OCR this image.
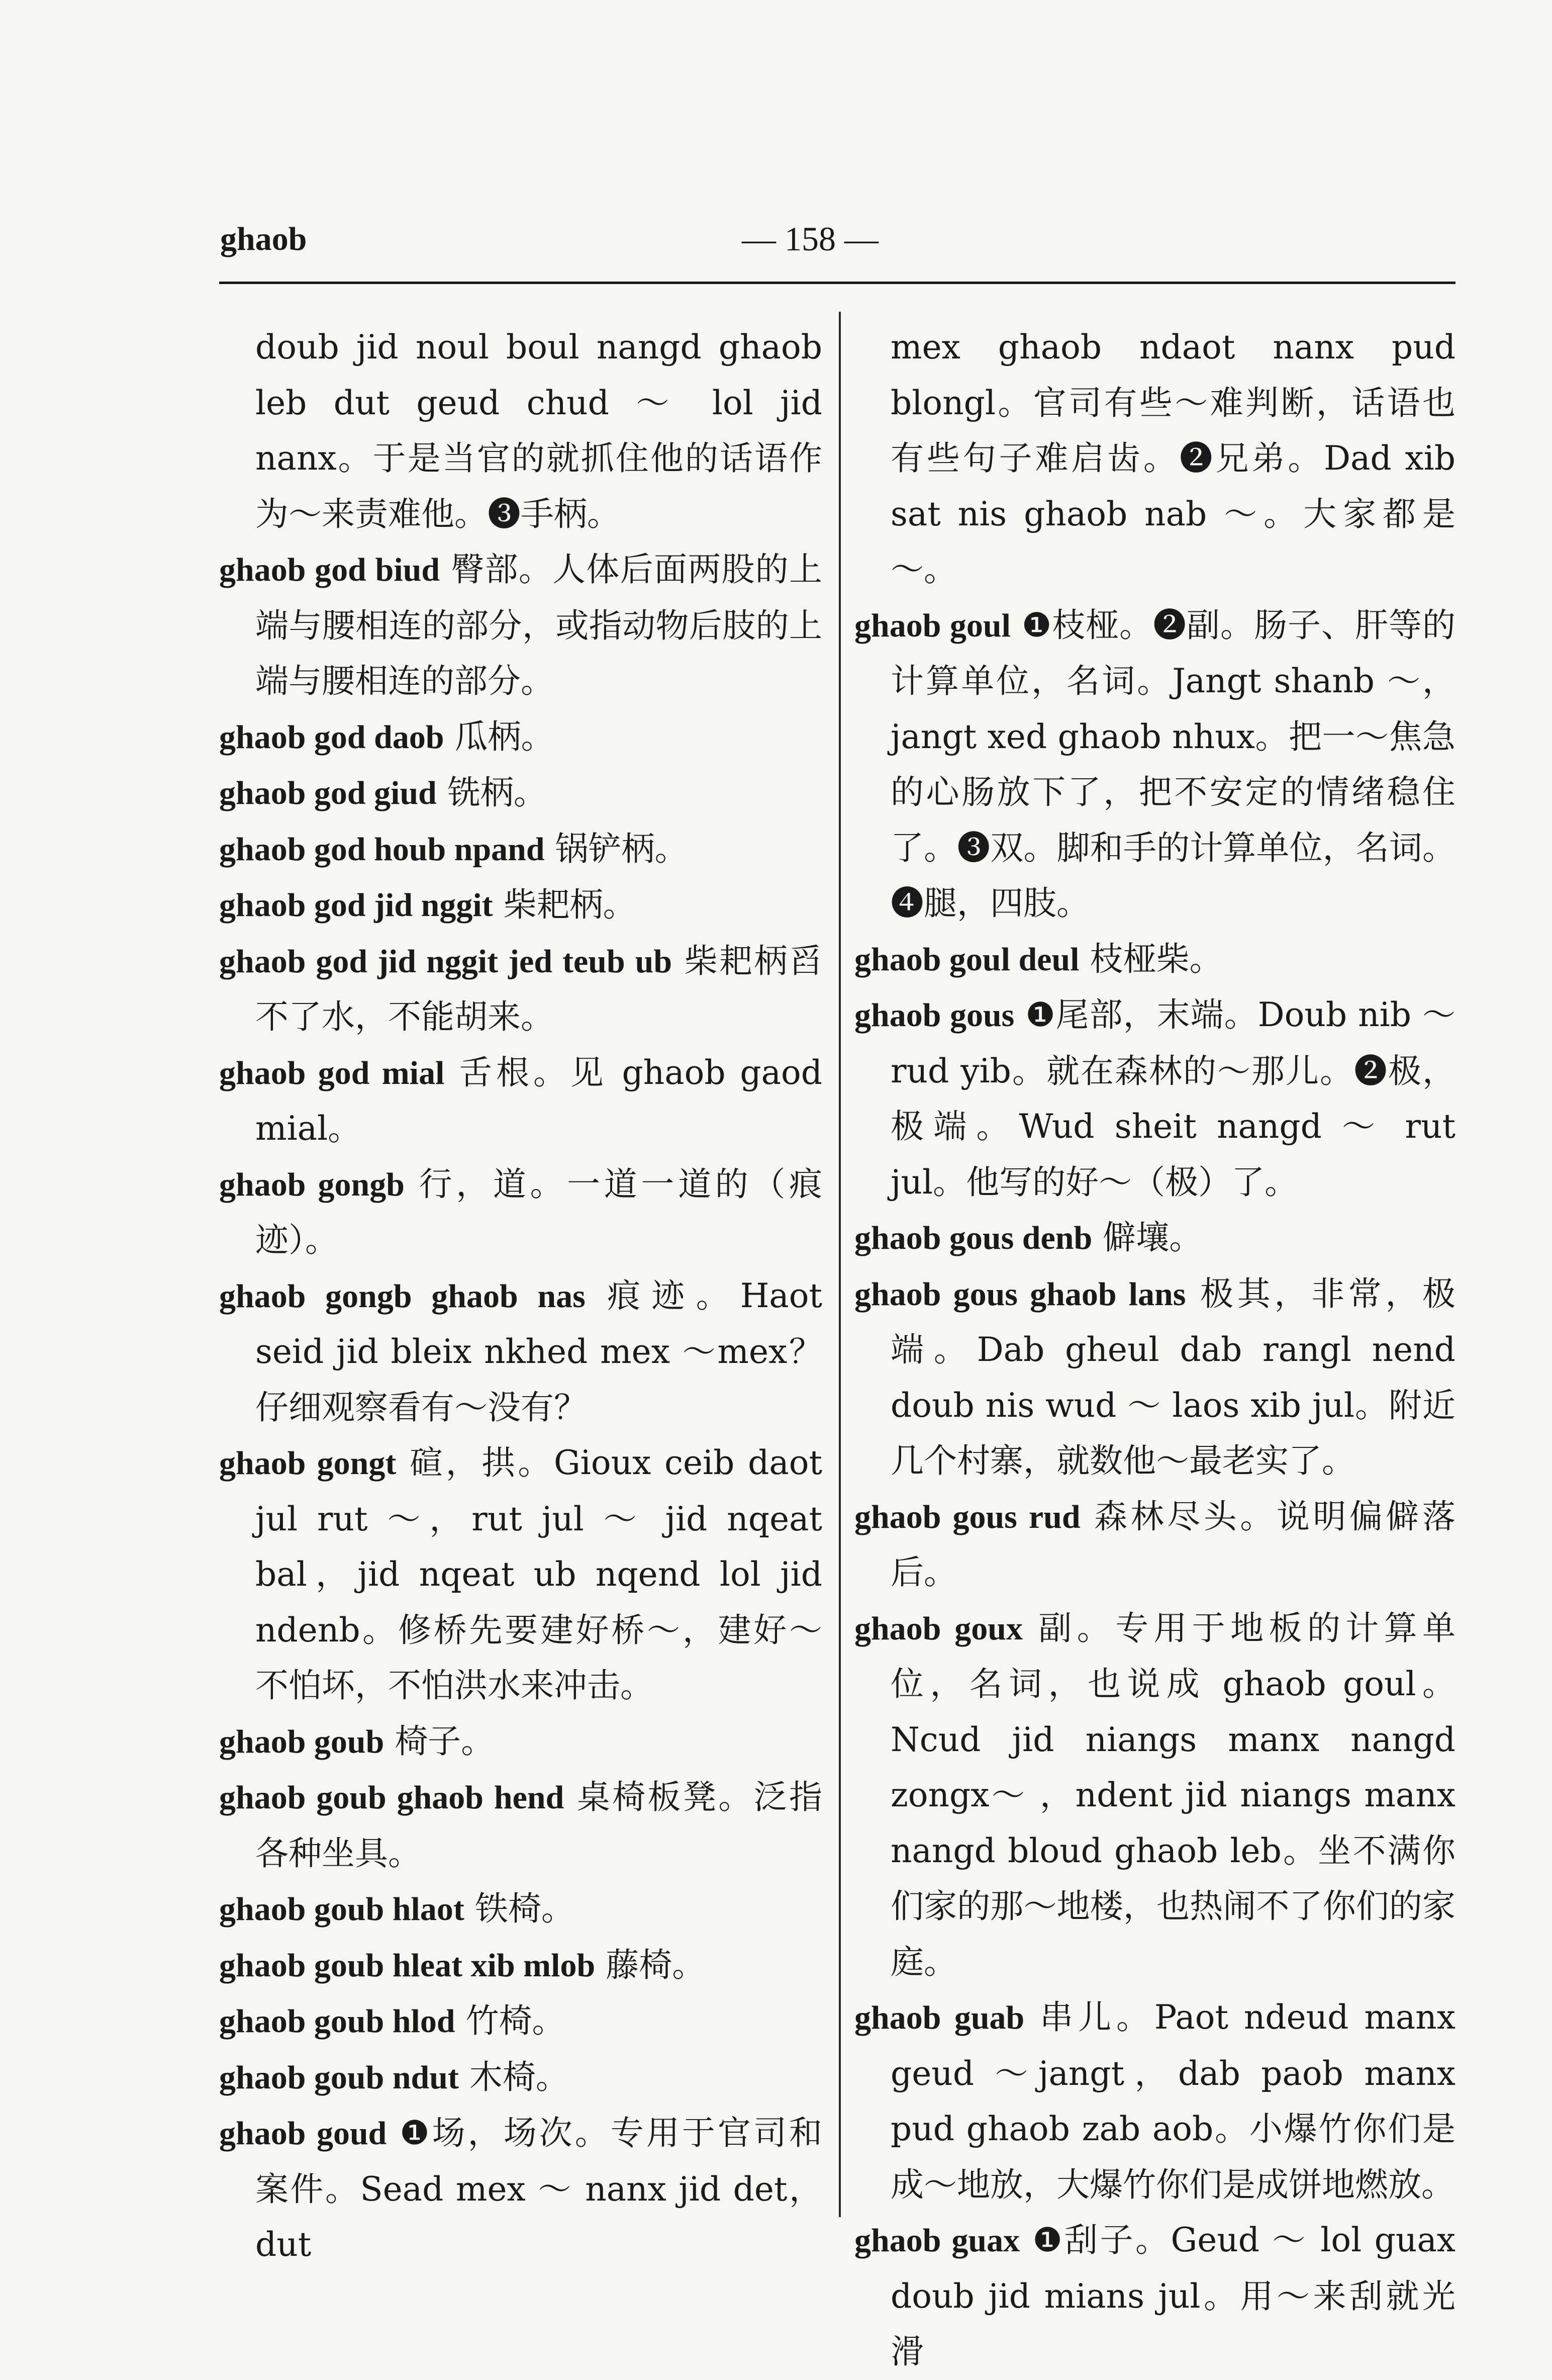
ghaob	— 158 —

doub jid noul boul nangd ghaob leb dut geud chud ～ lol jid nanx。于是当官的就抓住他的话语作为～来责难他。❸手柄。

ghaob god biud 臀部。人体后面两股的上端与腰相连的部分，或指动物后肢的上端与腰相连的部分。

ghaob god daob 瓜柄。

ghaob god giud 铣柄。

ghaob god houb npand 锅铲柄。

ghaob god jid nggit 柴耙柄。

ghaob god jid nggit jed teub ub 柴耙柄舀不了水，不能胡来。

ghaob god mial 舌根。见 ghaob gaod mial。

ghaob gongb 行，道。一道一道的（痕迹）。

ghaob gongb ghaob nas 痕迹。Haot seid jid bleix nkhed mex ～mex？仔细观察看有～没有？

ghaob gongt 碹，拱。Gioux ceib daot jul rut ～，rut jul ～ jid nqeat bal，jid nqeat ub nqend lol jid ndenb。修桥先要建好桥～，建好～不怕坏，不怕洪水来冲击。

ghaob goub 椅子。

ghaob goub ghaob hend 桌椅板凳。泛指各种坐具。

ghaob goub hlaot 铁椅。

ghaob goub hleat xib mlob 藤椅。

ghaob goub hlod 竹椅。

ghaob goub ndut 木椅。

ghaob goud ❶场，场次。专用于官司和案件。Sead mex ～ nanx jid det，dut

mex ghaob ndaot nanx pud blongl。官司有些～难判断，话语也有些句子难启齿。❷兄弟。Dad xib sat nis ghaob nab ～。大家都是～。

ghaob goul ❶枝桠。❷副。肠子、肝等的计算单位，名词。Jangt shanb ～，jangt xed ghaob nhux。把一～焦急的心肠放下了，把不安定的情绪稳住了。❸双。脚和手的计算单位，名词。❹腿，四肢。

ghaob goul deul 枝桠柴。

ghaob gous ❶尾部，末端。Doub nib ～ rud yib。就在森林的～那儿。❷极，极端。Wud sheit nangd ～ rut jul。他写的好～（极）了。

ghaob gous denb 僻壤。

ghaob gous ghaob lans 极其，非常，极端。Dab gheul dab rangl nend doub nis wud ～ laos xib jul。附近几个村寨，就数他～最老实了。

ghaob gous rud 森林尽头。说明偏僻落后。

ghaob goux 副。专用于地板的计算单位，名词，也说成 ghaob goul。Ncud jid niangs manx nangd zongx～ ，ndent jid niangs manx nangd bloud ghaob leb。坐不满你们家的那～地楼，也热闹不了你们的家庭。

ghaob guab 串儿。Paot ndeud manx geud ～jangt，dab paob manx pud ghaob zab aob。小爆竹你们是成～地放，大爆竹你们是成饼地燃放。

ghaob guax ❶刮子。Geud ～ lol guax doub jid mians jul。用～来刮就光滑
